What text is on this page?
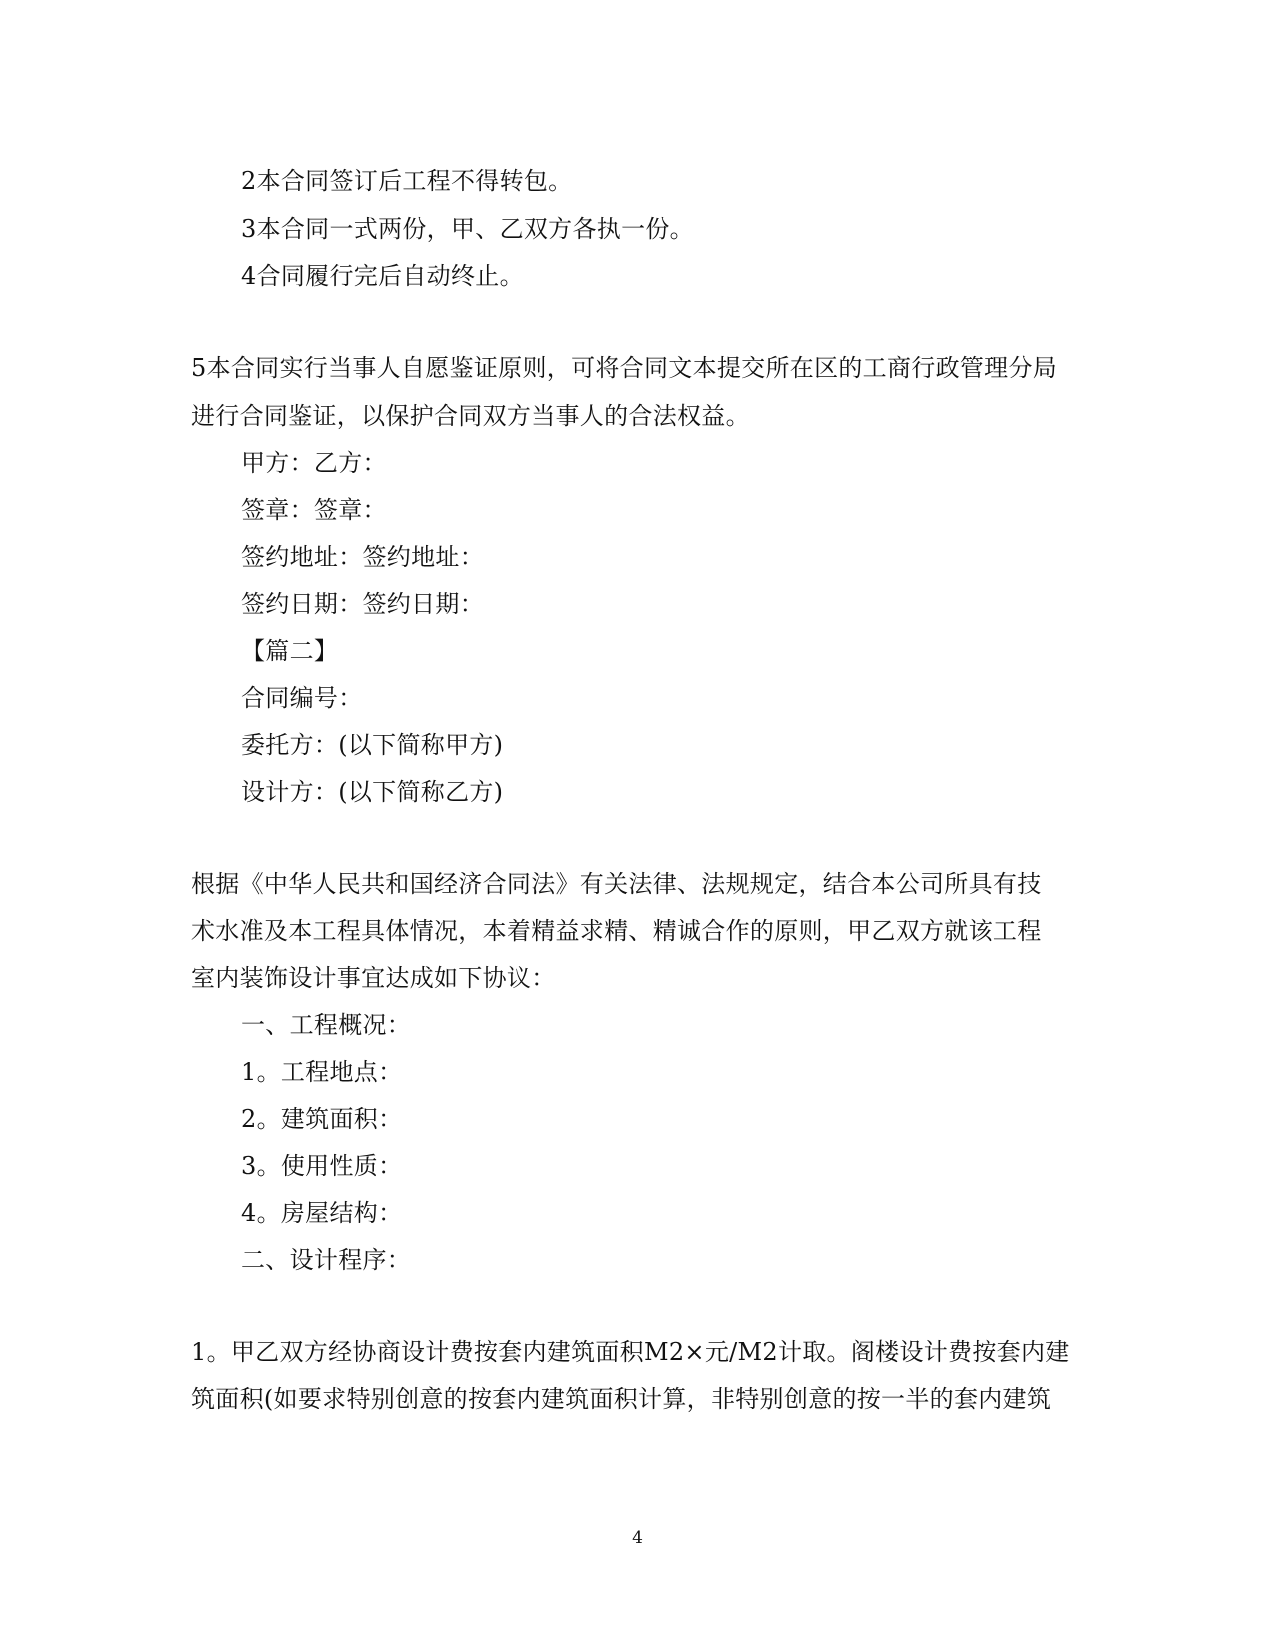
2本合同签订后工程不得转包。
3本合同一式两份，甲、乙双方各执一份。
4合同履行完后自动终止。
5本合同实行当事人自愿鉴证原则，可将合同文本提交所在区的工商行政管理分局
进行合同鉴证，以保护合同双方当事人的合法权益。
甲方：乙方：
签章：签章：
签约地址：签约地址：
签约日期：签约日期：
【篇二】
合同编号：
委托方：(以下简称甲方)
设计方：(以下简称乙方)
根据《中华人民共和国经济合同法》有关法律、法规规定，结合本公司所具有技
术水准及本工程具体情况，本着精益求精、精诚合作的原则，甲乙双方就该工程
室内装饰设计事宜达成如下协议：
一、工程概况：
1。工程地点：
2。建筑面积：
3。使用性质：
4。房屋结构：
二、设计程序：
1。甲乙双方经协商设计费按套内建筑面积M2×元/M2计取。阁楼设计费按套内建
筑面积(如要求特别创意的按套内建筑面积计算，非特别创意的按一半的套内建筑
4
